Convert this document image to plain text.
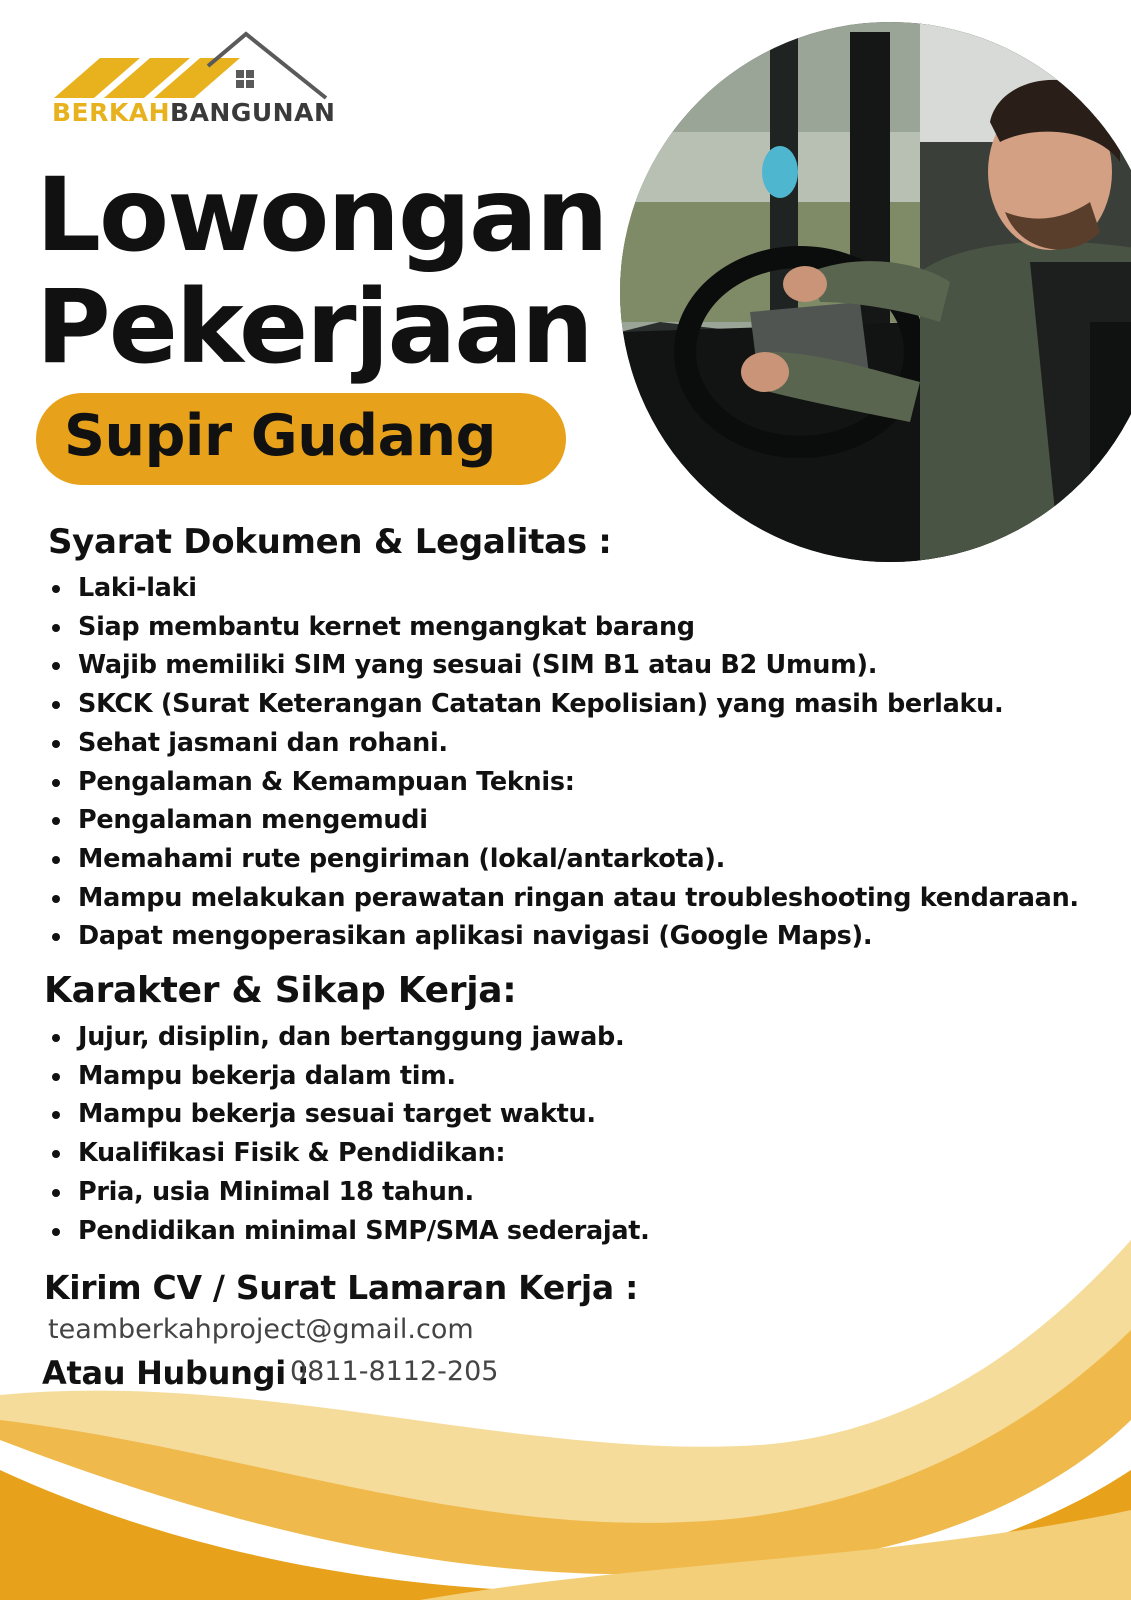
BERKAHBANGUNAN
Lowongan
Pekerjaan
Supir Gudang
Syarat Dokumen & Legalitas :
Laki-laki
Siap membantu kernet mengangkat barang
Wajib memiliki SIM yang sesuai (SIM B1 atau B2 Umum).
SKCK (Surat Keterangan Catatan Kepolisian) yang masih berlaku.
Sehat jasmani dan rohani.
Pengalaman & Kemampuan Teknis:
Pengalaman mengemudi
Memahami rute pengiriman (lokal/antarkota).
Mampu melakukan perawatan ringan atau troubleshooting kendaraan.
Dapat mengoperasikan aplikasi navigasi (Google Maps).
Karakter & Sikap Kerja:
Jujur, disiplin, dan bertanggung jawab.
Mampu bekerja dalam tim.
Mampu bekerja sesuai target waktu.
Kualifikasi Fisik & Pendidikan:
Pria, usia Minimal 18 tahun.
Pendidikan minimal SMP/SMA sederajat.
Kirim CV / Surat Lamaran Kerja :
teamberkahproject@gmail.com
Atau Hubungi :
0811-8112-205
